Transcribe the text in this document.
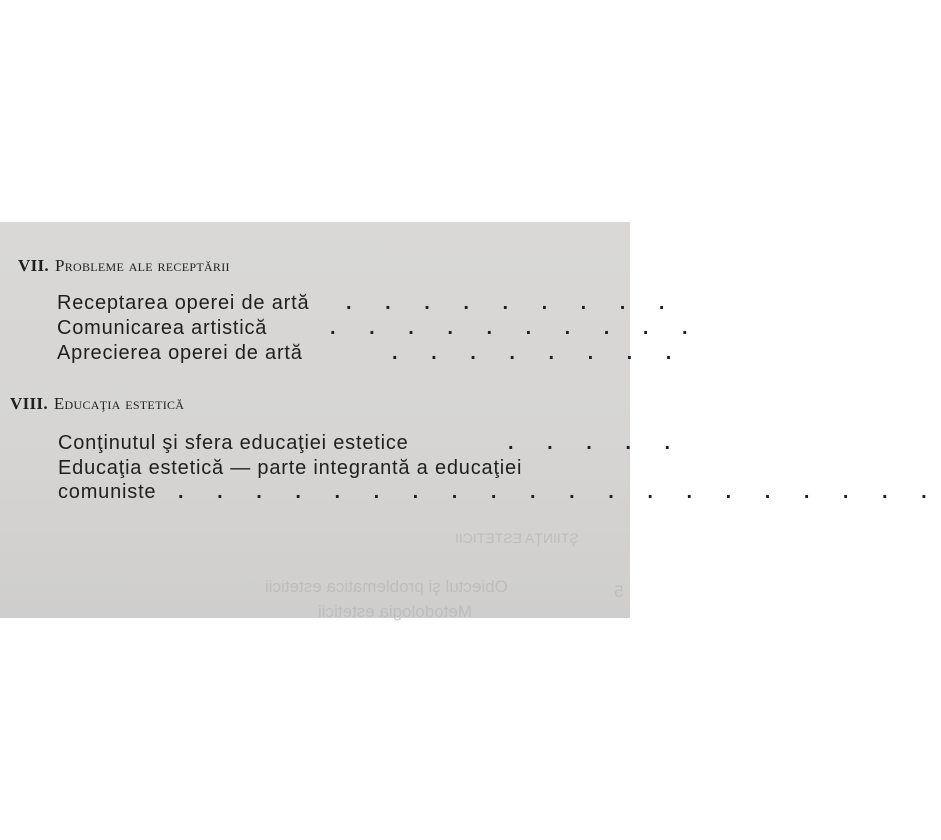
ŞTIINŢA ESTETICII
Obiectul şi problematica esteticii
Metodologia esteticii
5
VII. Probleme ale receptării
Receptarea operei de artă . . . . . . . . .
Comunicarea artistică	. . . . . . . . . .
Aprecierea operei de artă	. . . . . . . .
VIII. Educaţia estetică
Conţinutul şi sfera educaţiei estetice	. . . . .
Educaţia estetică — parte integrantă a educaţiei
comuniste . . . . . . . . . . . . . . . . . . . .
